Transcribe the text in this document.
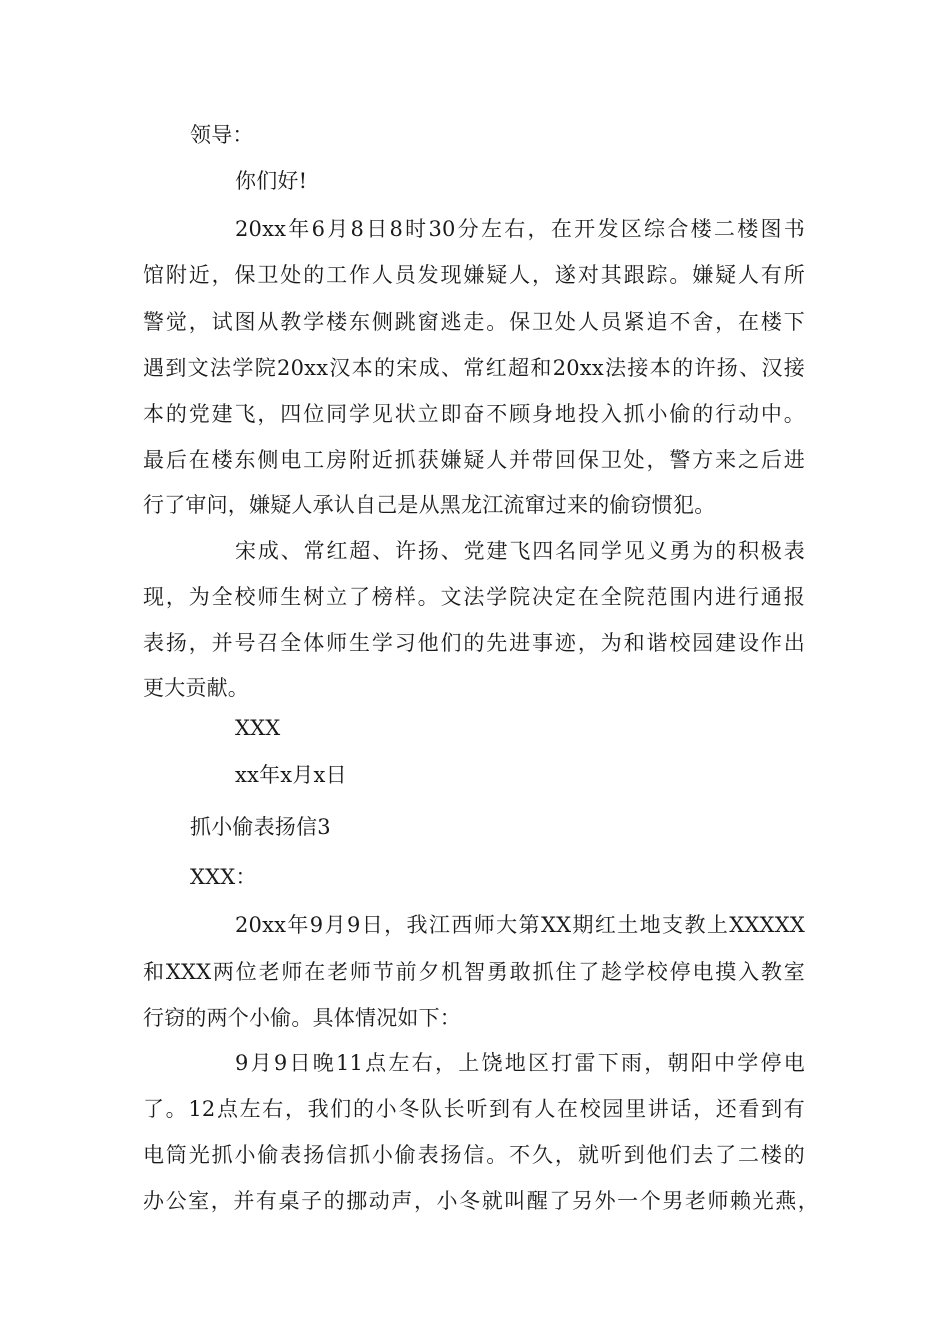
领导：
你们好!
20xx年6月8日8时30分左右，在开发区综合楼二楼图书
馆附近，保卫处的工作人员发现嫌疑人，遂对其跟踪。嫌疑人有所
警觉，试图从教学楼东侧跳窗逃走。保卫处人员紧追不舍，在楼下
遇到文法学院20xx汉本的宋成、常红超和20xx法接本的许扬、汉接
本的党建飞，四位同学见状立即奋不顾身地投入抓小偷的行动中。
最后在楼东侧电工房附近抓获嫌疑人并带回保卫处，警方来之后进
行了审问，嫌疑人承认自己是从黑龙江流窜过来的偷窃惯犯。
宋成、常红超、许扬、党建飞四名同学见义勇为的积极表
现，为全校师生树立了榜样。文法学院决定在全院范围内进行通报
表扬，并号召全体师生学习他们的先进事迹，为和谐校园建设作出
更大贡献。
XXX
xx年x月x日
抓小偷表扬信3
XXX：
20xx年9月9日，我江西师大第XX期红土地支教上XXXXX
和XXX两位老师在老师节前夕机智勇敢抓住了趁学校停电摸入教室
行窃的两个小偷。具体情况如下：
9月9日晚11点左右，上饶地区打雷下雨，朝阳中学停电
了。12点左右，我们的小冬队长听到有人在校园里讲话，还看到有
电筒光抓小偷表扬信抓小偷表扬信。不久，就听到他们去了二楼的
办公室，并有桌子的挪动声，小冬就叫醒了另外一个男老师赖光燕，
